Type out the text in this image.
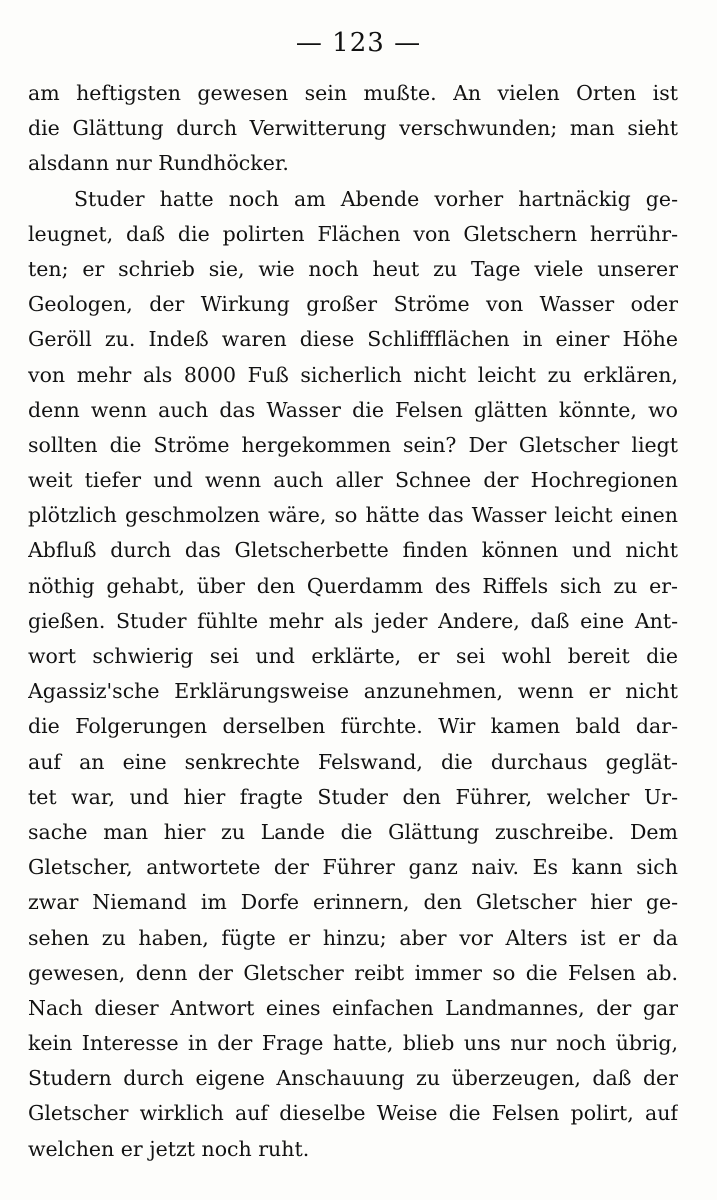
— 123 —
am heftigsten gewesen sein mußte. An vielen Orten ist
die Glättung durch Verwitterung verschwunden; man sieht
alsdann nur Rundhöcker.
Studer hatte noch am Abende vorher hartnäckig ge-
leugnet, daß die polirten Flächen von Gletschern herrühr-
ten; er schrieb sie, wie noch heut zu Tage viele unserer
Geologen, der Wirkung großer Ströme von Wasser oder
Geröll zu. Indeß waren diese Schliffflächen in einer Höhe
von mehr als 8000 Fuß sicherlich nicht leicht zu erklären,
denn wenn auch das Wasser die Felsen glätten könnte, wo
sollten die Ströme hergekommen sein? Der Gletscher liegt
weit tiefer und wenn auch aller Schnee der Hochregionen
plötzlich geschmolzen wäre, so hätte das Wasser leicht einen
Abfluß durch das Gletscherbette finden können und nicht
nöthig gehabt, über den Querdamm des Riffels sich zu er-
gießen. Studer fühlte mehr als jeder Andere, daß eine Ant-
wort schwierig sei und erklärte, er sei wohl bereit die
Agassiz'sche Erklärungsweise anzunehmen, wenn er nicht
die Folgerungen derselben fürchte. Wir kamen bald dar-
auf an eine senkrechte Felswand, die durchaus geglät-
tet war, und hier fragte Studer den Führer, welcher Ur-
sache man hier zu Lande die Glättung zuschreibe. Dem
Gletscher, antwortete der Führer ganz naiv. Es kann sich
zwar Niemand im Dorfe erinnern, den Gletscher hier ge-
sehen zu haben, fügte er hinzu; aber vor Alters ist er da
gewesen, denn der Gletscher reibt immer so die Felsen ab.
Nach dieser Antwort eines einfachen Landmannes, der gar
kein Interesse in der Frage hatte, blieb uns nur noch übrig,
Studern durch eigene Anschauung zu überzeugen, daß der
Gletscher wirklich auf dieselbe Weise die Felsen polirt, auf
welchen er jetzt noch ruht.
